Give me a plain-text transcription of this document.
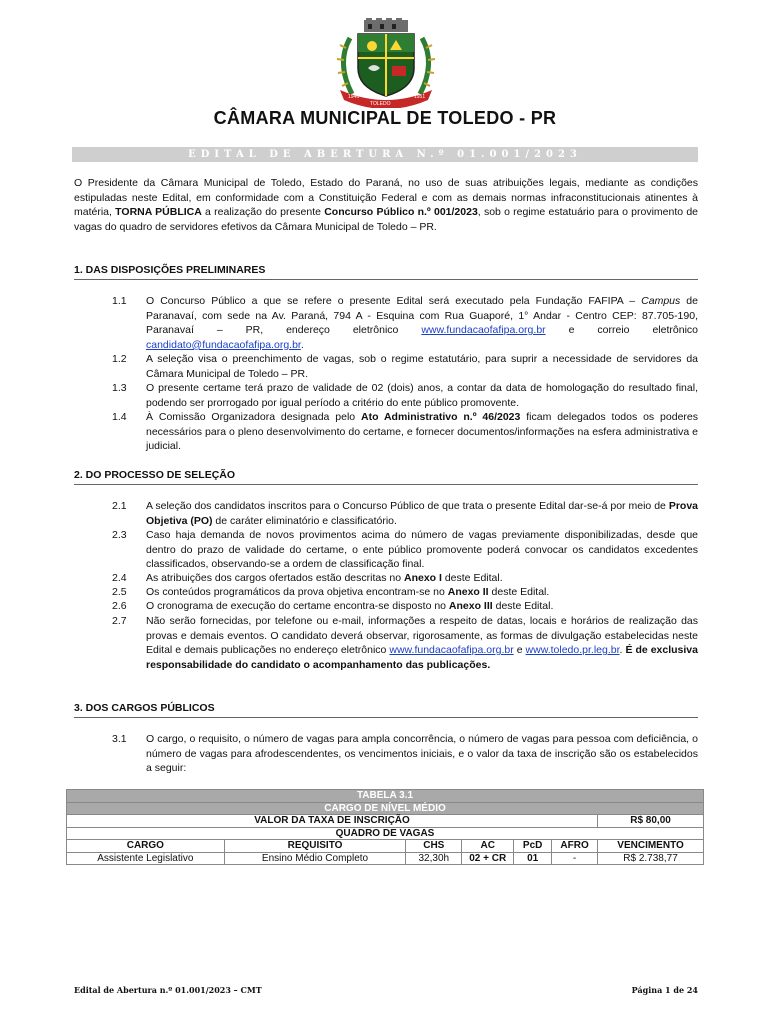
TOLEDO
1946	1951
CÂMARA MUNICIPAL DE TOLEDO - PR
EDITAL DE ABERTURA N.º 01.001/2023
O Presidente da Câmara Municipal de Toledo, Estado do Paraná, no uso de suas atribuições legais, mediante as condições estipuladas neste Edital, em conformidade com a Constituição Federal e com as demais normas infraconstitucionais atinentes à matéria, TORNA PÚBLICA a realização do presente Concurso Público n.º 001/2023, sob o regime estatuário para o provimento de vagas do quadro de servidores efetivos da Câmara Municipal de Toledo – PR.
1. DAS DISPOSIÇÕES PRELIMINARES
1.1 O Concurso Público a que se refere o presente Edital será executado pela Fundação FAFIPA – Campus de Paranavaí, com sede na Av. Paraná, 794 A - Esquina com Rua Guaporé, 1° Andar - Centro CEP: 87.705-190, Paranavaí – PR, endereço eletrônico www.fundacaofafipa.org.br e correio eletrônico candidato@fundacaofafipa.org.br.
1.2 A seleção visa o preenchimento de vagas, sob o regime estatutário, para suprir a necessidade de servidores da Câmara Municipal de Toledo – PR.
1.3 O presente certame terá prazo de validade de 02 (dois) anos, a contar da data de homologação do resultado final, podendo ser prorrogado por igual período a critério do ente público promovente.
1.4 À Comissão Organizadora designada pelo Ato Administrativo n.º 46/2023 ficam delegados todos os poderes necessários para o pleno desenvolvimento do certame, e fornecer documentos/informações na esfera administrativa e judicial.
2. DO PROCESSO DE SELEÇÃO
2.1 A seleção dos candidatos inscritos para o Concurso Público de que trata o presente Edital dar-se-á por meio de Prova Objetiva (PO) de caráter eliminatório e classificatório.
2.3 Caso haja demanda de novos provimentos acima do número de vagas previamente disponibilizadas, desde que dentro do prazo de validade do certame, o ente público promovente poderá convocar os candidatos excedentes classificados, observando-se a ordem de classificação final.
2.4 As atribuições dos cargos ofertados estão descritas no Anexo I deste Edital.
2.5 Os conteúdos programáticos da prova objetiva encontram-se no Anexo II deste Edital.
2.6 O cronograma de execução do certame encontra-se disposto no Anexo III deste Edital.
2.7 Não serão fornecidas, por telefone ou e-mail, informações a respeito de datas, locais e horários de realização das provas e demais eventos. O candidato deverá observar, rigorosamente, as formas de divulgação estabelecidas neste Edital e demais publicações no endereço eletrônico www.fundacaofafipa.org.br e www.toledo.pr.leg.br. É de exclusiva responsabilidade do candidato o acompanhamento das publicações.
3. DOS CARGOS PÚBLICOS
3.1 O cargo, o requisito, o número de vagas para ampla concorrência, o número de vagas para pessoa com deficiência, o número de vagas para afrodescendentes, os vencimentos iniciais, e o valor da taxa de inscrição são os estabelecidos a seguir:
TABELA 3.1						
CARGO DE NÍVEL MÉDIO						
VALOR DA TAXA DE INSCRIÇÃO						R$ 80,00
QUADRO DE VAGAS						
CARGO	REQUISITO	CHS	AC	PcD	AFRO	VENCIMENTO
Assistente Legislativo	Ensino Médio Completo	32,30h	02 + CR	01	-	R$ 2.738,77
Edital de Abertura n.º 01.001/2023 – CMT	Página 1 de 24
